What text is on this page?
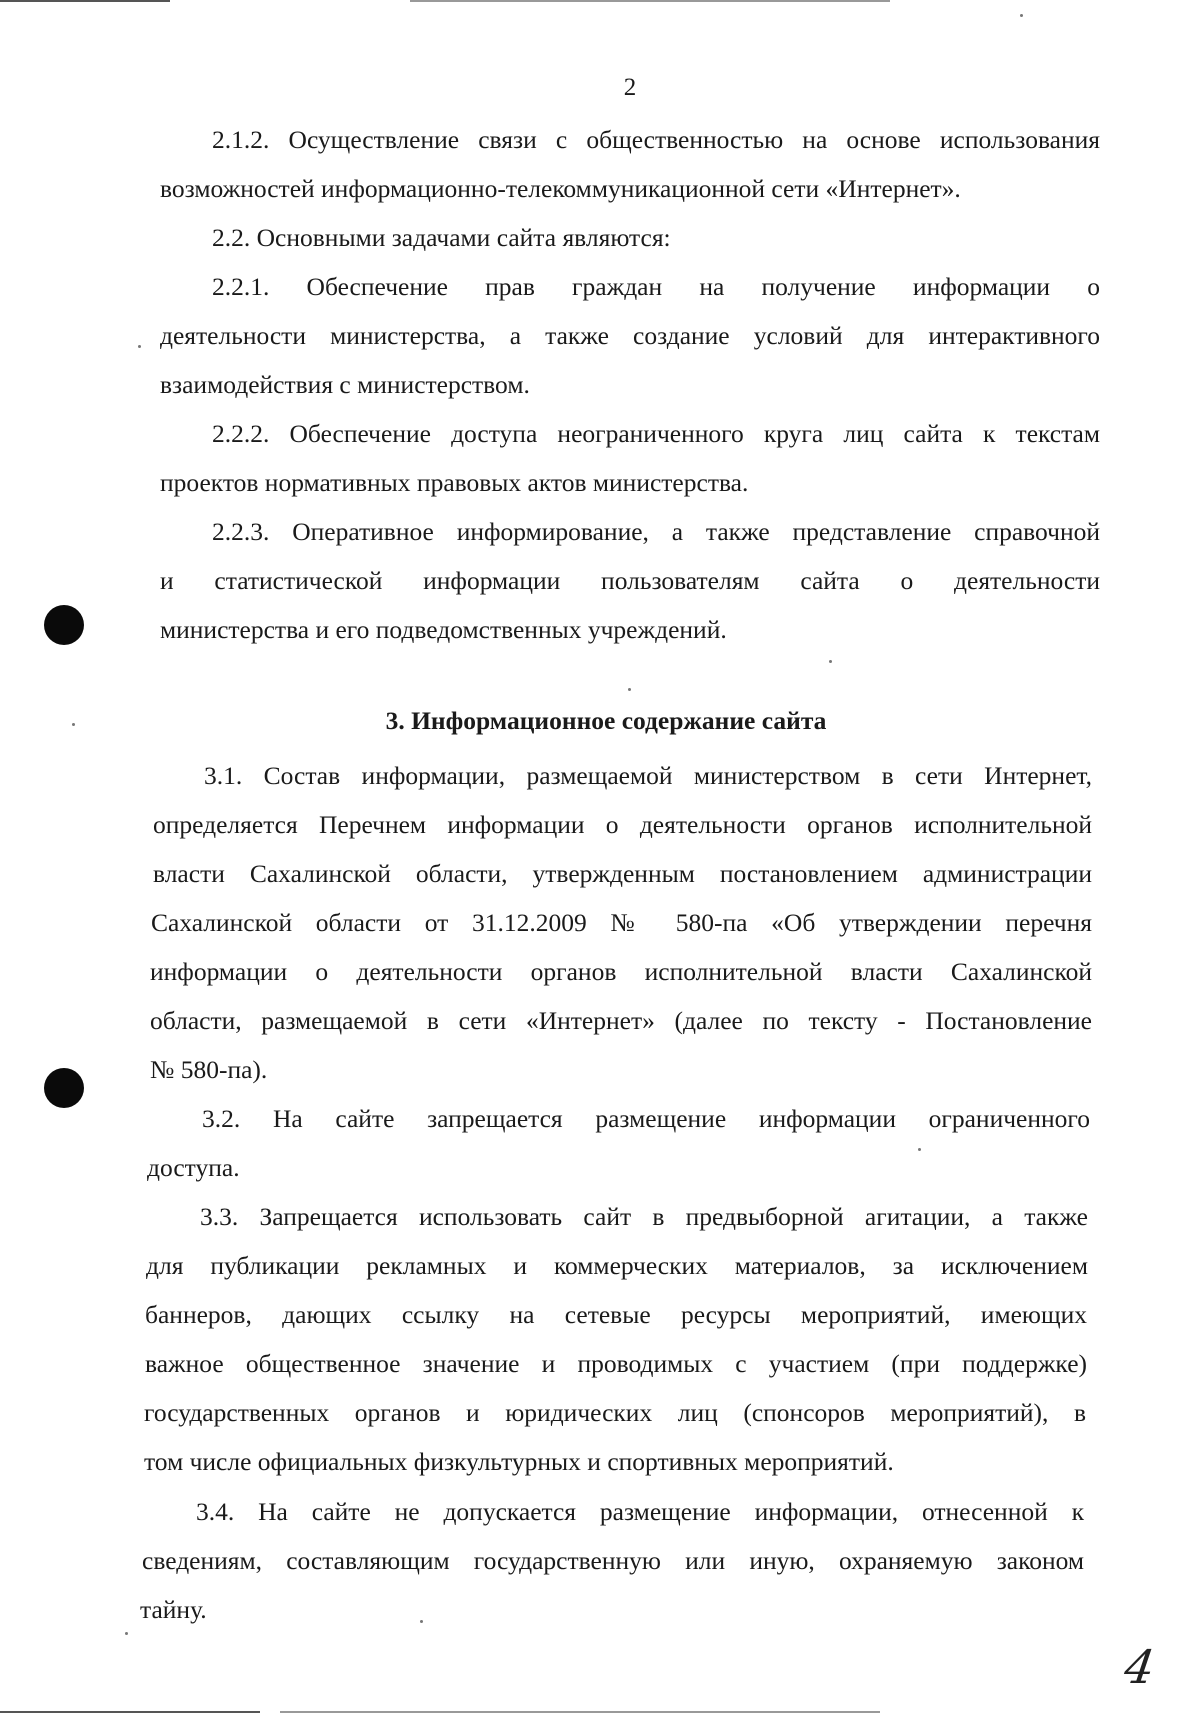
2
2.1.2. Осуществление связи с общественностью на основе использования
возможностей информационно-телекоммуникационной сети «Интернет».
2.2. Основными задачами сайта являются:
2.2.1. Обеспечение прав граждан на получение информации о
деятельности министерства, а также создание условий для интерактивного
взаимодействия с министерством.
2.2.2. Обеспечение доступа неограниченного круга лиц сайта к текстам
проектов нормативных правовых актов министерства.
2.2.3. Оперативное информирование, а также представление справочной
и статистической информации пользователям сайта о деятельности
министерства и его подведомственных учреждений.
3. Информационное содержание сайта
3.1. Состав информации, размещаемой министерством в сети Интернет,
определяется Перечнем информации о деятельности органов исполнительной
власти Сахалинской области, утвержденным постановлением администрации
Сахалинской области от 31.12.2009 № 580-па «Об утверждении перечня
информации о деятельности органов исполнительной власти Сахалинской
области, размещаемой в сети «Интернет» (далее по тексту - Постановление
№ 580-па).
3.2. На сайте запрещается размещение информации ограниченного
доступа.
3.3. Запрещается использовать сайт в предвыборной агитации, а также
для публикации рекламных и коммерческих материалов, за исключением
баннеров, дающих ссылку на сетевые ресурсы мероприятий, имеющих
важное общественное значение и проводимых с участием (при поддержке)
государственных органов и юридических лиц (спонсоров мероприятий), в
том числе официальных физкультурных и спортивных мероприятий.
3.4. На сайте не допускается размещение информации, отнесенной к
сведениям, составляющим государственную или иную, охраняемую законом
тайну.
4
